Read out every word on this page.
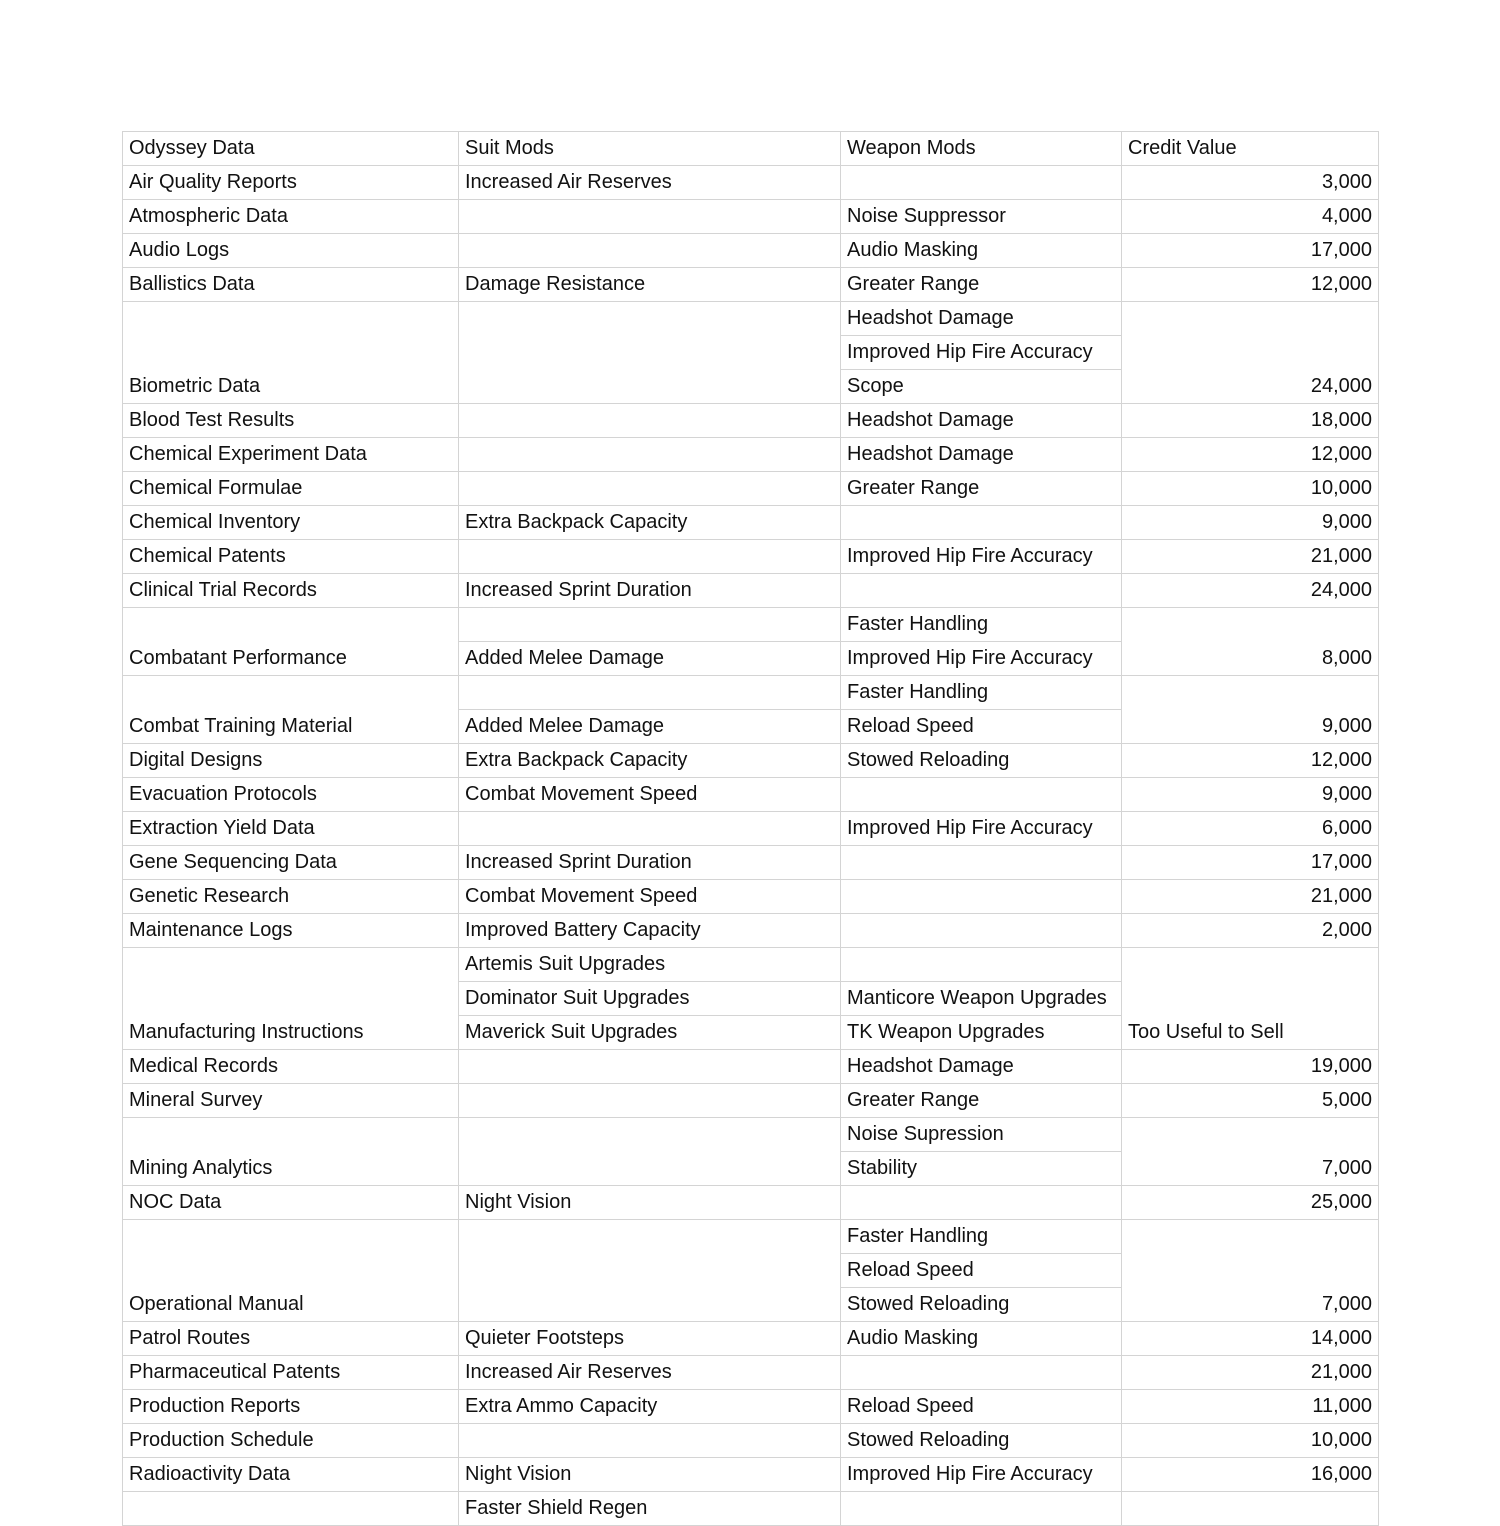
Odyssey Data	Suit Mods	Weapon Mods	Credit Value
Air Quality Reports	Increased Air Reserves		3,000
Atmospheric Data		Noise Suppressor	4,000
Audio Logs		Audio Masking	17,000
Ballistics Data	Damage Resistance	Greater Range	12,000
Biometric Data		Headshot Damage	24,000
		Improved Hip Fire Accuracy	
		Scope	
Blood Test Results		Headshot Damage	18,000
Chemical Experiment Data		Headshot Damage	12,000
Chemical Formulae		Greater Range	10,000
Chemical Inventory	Extra Backpack Capacity		9,000
Chemical Patents		Improved Hip Fire Accuracy	21,000
Clinical Trial Records	Increased Sprint Duration		24,000
Combatant Performance		Faster Handling	8,000
	Added Melee Damage	Improved Hip Fire Accuracy	
Combat Training Material		Faster Handling	9,000
	Added Melee Damage	Reload Speed	
Digital Designs	Extra Backpack Capacity	Stowed Reloading	12,000
Evacuation Protocols	Combat Movement Speed		9,000
Extraction Yield Data		Improved Hip Fire Accuracy	6,000
Gene Sequencing Data	Increased Sprint Duration		17,000
Genetic Research	Combat Movement Speed		21,000
Maintenance Logs	Improved Battery Capacity		2,000
Manufacturing Instructions	Artemis Suit Upgrades		Too Useful to Sell
	Dominator Suit Upgrades	Manticore Weapon Upgrades	
	Maverick Suit Upgrades	TK Weapon Upgrades	
Medical Records		Headshot Damage	19,000
Mineral Survey		Greater Range	5,000
Mining Analytics		Noise Supression	7,000
		Stability	
NOC Data	Night Vision		25,000
Operational Manual		Faster Handling	7,000
		Reload Speed	
		Stowed Reloading	
Patrol Routes	Quieter Footsteps	Audio Masking	14,000
Pharmaceutical Patents	Increased Air Reserves		21,000
Production Reports	Extra Ammo Capacity	Reload Speed	11,000
Production Schedule		Stowed Reloading	10,000
Radioactivity Data	Night Vision	Improved Hip Fire Accuracy	16,000
	Faster Shield Regen		
